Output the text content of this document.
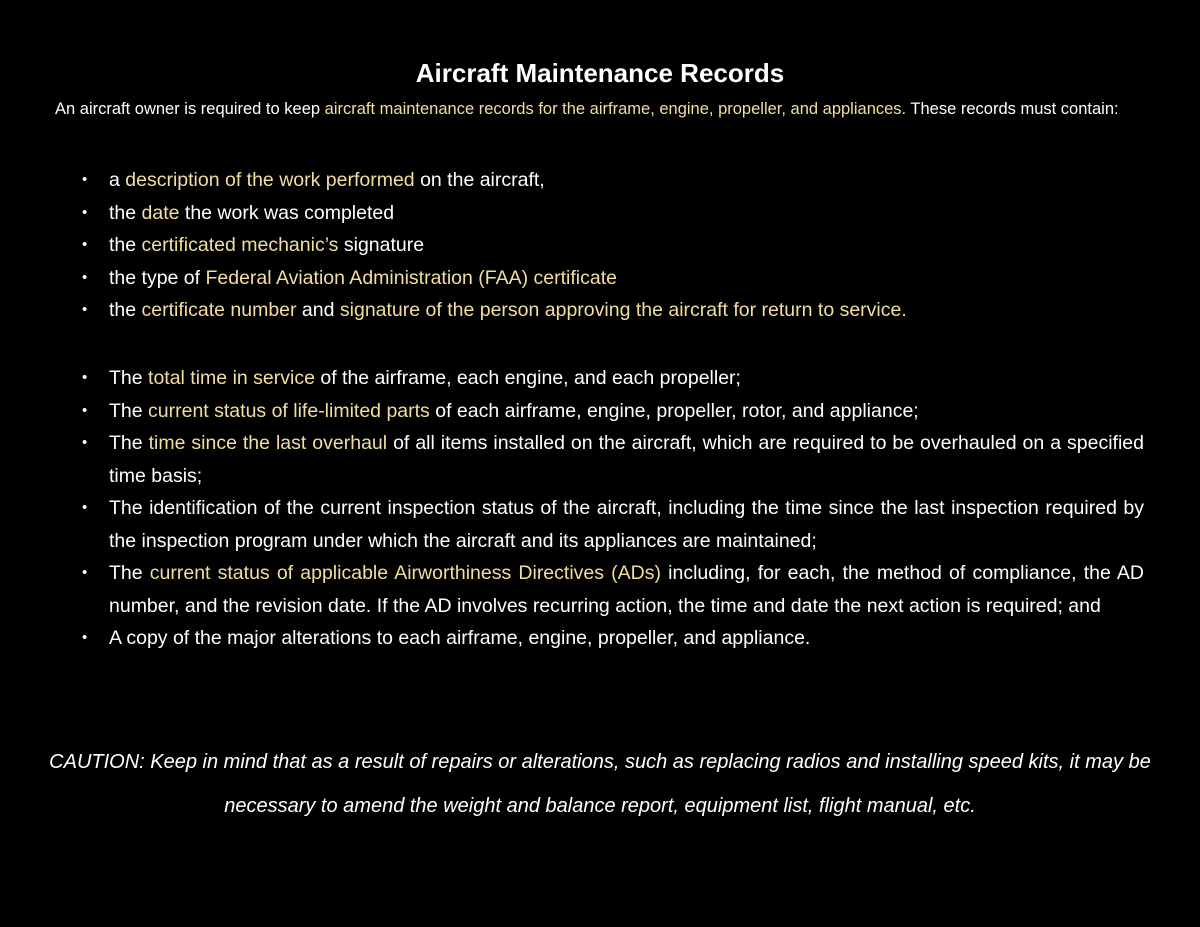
Aircraft Maintenance Records
An aircraft owner is required to keep aircraft maintenance records for the airframe, engine, propeller, and appliances. These records must contain:
• a description of the work performed on the aircraft,
• the date the work was completed
• the certificated mechanic’s signature
• the type of Federal Aviation Administration (FAA) certificate
• the certificate number and signature of the person approving the aircraft for return to service.
• The total time in service of the airframe, each engine, and each propeller;
• The current status of life-limited parts of each airframe, engine, propeller, rotor, and appliance;
• The time since the last overhaul of all items installed on the aircraft, which are required to be overhauled on a specified time basis;
• The identification of the current inspection status of the aircraft, including the time since the last inspection required by the inspection program under which the aircraft and its appliances are maintained;
• The current status of applicable Airworthiness Directives (ADs) including, for each, the method of compliance, the AD number, and the revision date. If the AD involves recurring action, the time and date the next action is required; and
• A copy of the major alterations to each airframe, engine, propeller, and appliance.
CAUTION: Keep in mind that as a result of repairs or alterations, such as replacing radios and installing speed kits, it may be necessary to amend the weight and balance report, equipment list, flight manual, etc.
